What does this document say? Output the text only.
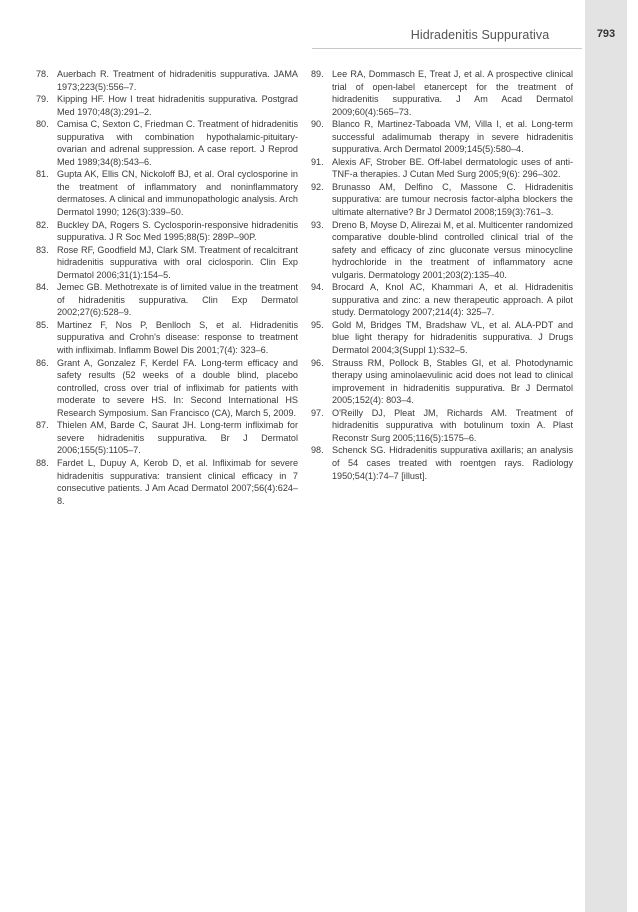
Hidradenitis Suppurativa	793

78. Auerbach R. Treatment of hidradenitis suppurativa. JAMA 1973;223(5):556–7.

79. Kipping HF. How I treat hidradenitis suppurativa. Postgrad Med 1970;48(3):291–2.

80. Camisa C, Sexton C, Friedman C. Treatment of hidradenitis suppurativa with combination hypothalamic-pituitary-ovarian and adrenal suppression. A case report. J Reprod Med 1989;34(8):543–6.

81. Gupta AK, Ellis CN, Nickoloff BJ, et al. Oral cyclosporine in the treatment of inflammatory and noninflammatory dermatoses. A clinical and immunopathologic analysis. Arch Dermatol 1990; 126(3):339–50.

82. Buckley DA, Rogers S. Cyclosporin-responsive hidradenitis suppurativa. J R Soc Med 1995;88(5): 289P–90P.

83. Rose RF, Goodfield MJ, Clark SM. Treatment of recalcitrant hidradenitis suppurativa with oral ciclosporin. Clin Exp Dermatol 2006;31(1):154–5.

84. Jemec GB. Methotrexate is of limited value in the treatment of hidradenitis suppurativa. Clin Exp Dermatol 2002;27(6):528–9.

85. Martinez F, Nos P, Benlloch S, et al. Hidradenitis suppurativa and Crohn's disease: response to treatment with infliximab. Inflamm Bowel Dis 2001;7(4): 323–6.

86. Grant A, Gonzalez F, Kerdel FA. Long-term efficacy and safety results (52 weeks of a double blind, placebo controlled, cross over trial of infliximab for patients with moderate to severe HS. In: Second International HS Research Symposium. San Francisco (CA), March 5, 2009.

87. Thielen AM, Barde C, Saurat JH. Long-term infliximab for severe hidradenitis suppurativa. Br J Dermatol 2006;155(5):1105–7.

88. Fardet L, Dupuy A, Kerob D, et al. Infliximab for severe hidradenitis suppurativa: transient clinical efficacy in 7 consecutive patients. J Am Acad Dermatol 2007;56(4):624–8.

89. Lee RA, Dommasch E, Treat J, et al. A prospective clinical trial of open-label etanercept for the treatment of hidradenitis suppurativa. J Am Acad Dermatol 2009;60(4):565–73.

90. Blanco R, Martinez-Taboada VM, Villa I, et al. Long-term successful adalimumab therapy in severe hidradenitis suppurativa. Arch Dermatol 2009;145(5):580–4.

91. Alexis AF, Strober BE. Off-label dermatologic uses of anti-TNF-a therapies. J Cutan Med Surg 2005;9(6): 296–302.

92. Brunasso AM, Delfino C, Massone C. Hidradenitis suppurativa: are tumour necrosis factor-alpha blockers the ultimate alternative? Br J Dermatol 2008;159(3):761–3.

93. Dreno B, Moyse D, Alirezai M, et al. Multicenter randomized comparative double-blind controlled clinical trial of the safety and efficacy of zinc gluconate versus minocycline hydrochloride in the treatment of inflammatory acne vulgaris. Dermatology 2001;203(2):135–40.

94. Brocard A, Knol AC, Khammari A, et al. Hidradenitis suppurativa and zinc: a new therapeutic approach. A pilot study. Dermatology 2007;214(4): 325–7.

95. Gold M, Bridges TM, Bradshaw VL, et al. ALA-PDT and blue light therapy for hidradenitis suppurativa. J Drugs Dermatol 2004;3(Suppl 1):S32–5.

96. Strauss RM, Pollock B, Stables GI, et al. Photodynamic therapy using aminolaevulinic acid does not lead to clinical improvement in hidradenitis suppurativa. Br J Dermatol 2005;152(4): 803–4.

97. O'Reilly DJ, Pleat JM, Richards AM. Treatment of hidradenitis suppurativa with botulinum toxin A. Plast Reconstr Surg 2005;116(5):1575–6.

98. Schenck SG. Hidradenitis suppurativa axillaris; an analysis of 54 cases treated with roentgen rays. Radiology 1950;54(1):74–7 [illust].
